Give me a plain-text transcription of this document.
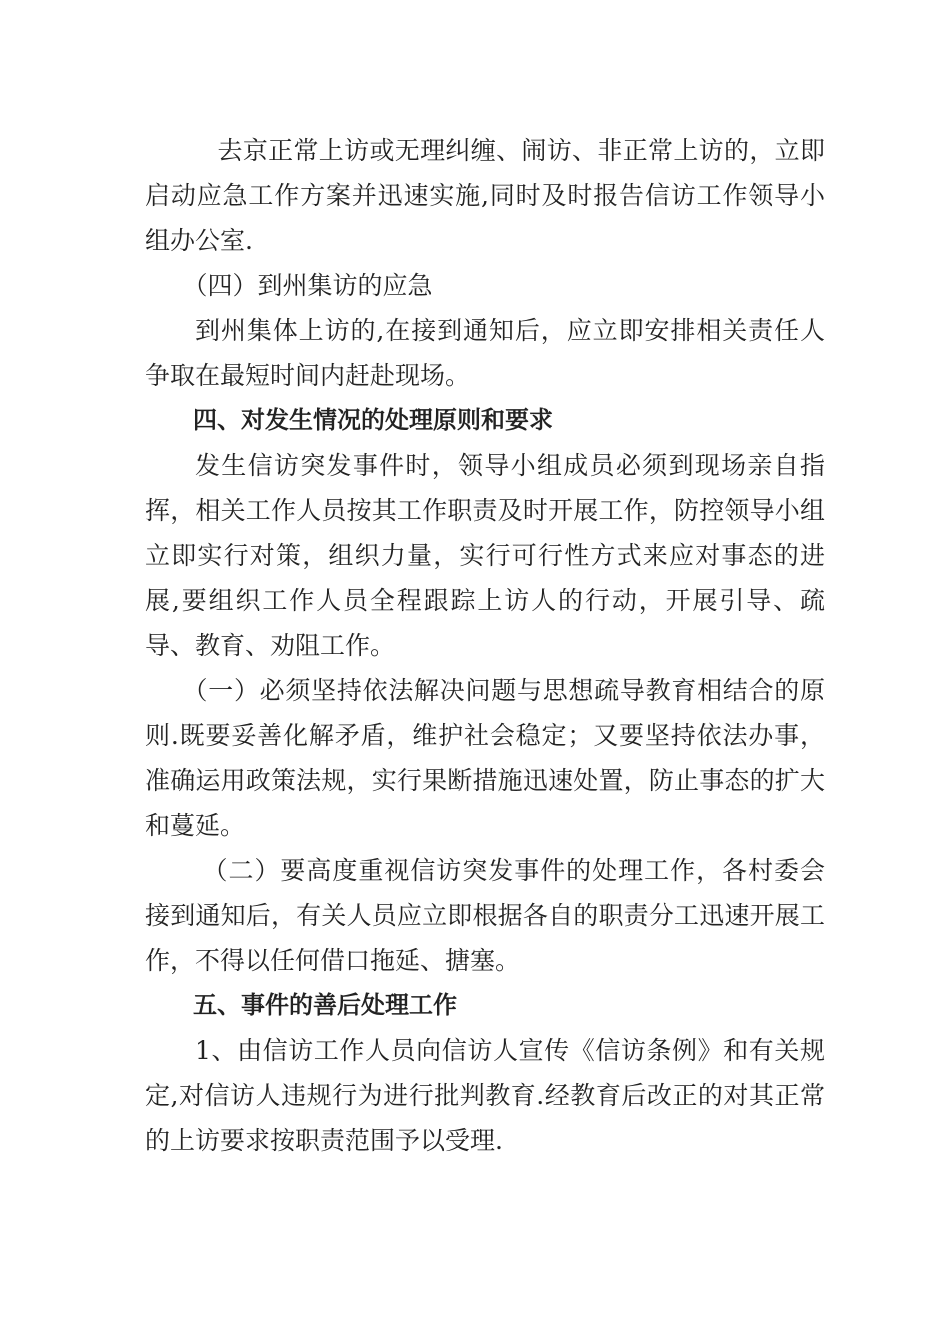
去京正常上访或无理纠缠、闹访、非正常上访的，立即启动应急工作方案并迅速实施,同时及时报告信访工作领导小组办公室.

（四）到州集访的应急

到州集体上访的,在接到通知后，应立即安排相关责任人争取在最短时间内赶赴现场。

四、对发生情况的处理原则和要求

发生信访突发事件时，领导小组成员必须到现场亲自指挥，相关工作人员按其工作职责及时开展工作，防控领导小组立即实行对策，组织力量，实行可行性方式来应对事态的进展,要组织工作人员全程跟踪上访人的行动，开展引导、疏导、教育、劝阻工作。

（一）必须坚持依法解决问题与思想疏导教育相结合的原则.既要妥善化解矛盾，维护社会稳定；又要坚持依法办事，准确运用政策法规，实行果断措施迅速处置，防止事态的扩大和蔓延。

（二）要高度重视信访突发事件的处理工作，各村委会接到通知后，有关人员应立即根据各自的职责分工迅速开展工作，不得以任何借口拖延、搪塞。

五、事件的善后处理工作

1、由信访工作人员向信访人宣传《信访条例》和有关规定,对信访人违规行为进行批判教育.经教育后改正的对其正常的上访要求按职责范围予以受理.
